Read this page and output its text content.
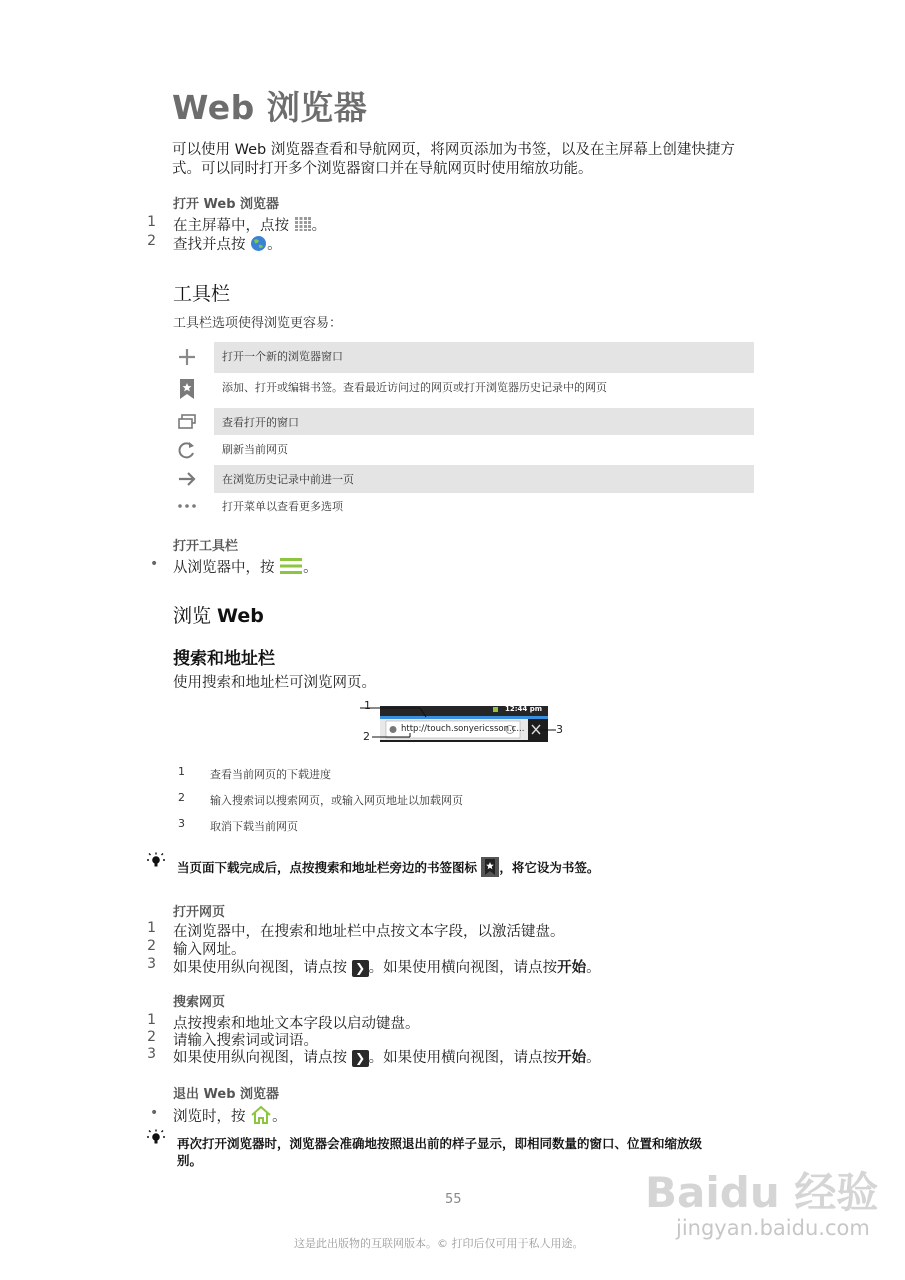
Web 浏览器
可以使用 Web 浏览器查看和导航网页，将网页添加为书签，以及在主屏幕上创建快捷方式。可以同时打开多个浏览器窗口并在导航网页时使用缩放功能。
打开 Web 浏览器
1 在主屏幕中，点按 。
2 查找并点按 。
工具栏
工具栏选项使得浏览更容易：
打开一个新的浏览器窗口
添加、打开或编辑书签。查看最近访问过的网页或打开浏览器历史记录中的网页
查看打开的窗口
刷新当前网页
在浏览历史记录中前进一页
打开菜单以查看更多选项
打开工具栏
• 从浏览器中，按 。
浏览 Web
搜索和地址栏
使用搜索和地址栏可浏览网页。
12:44 pm
http://touch.sonyericsson.c...
1
2
3
1 查看当前网页的下载进度
2 输入搜索词以搜索网页，或输入网页地址以加载网页
3 取消下载当前网页
当页面下载完成后，点按搜索和地址栏旁边的书签图标 ，将它设为书签。
打开网页
1 在浏览器中，在搜索和地址栏中点按文本字段，以激活键盘。
2 输入网址。
3 如果使用纵向视图，请点按 ❯ 。如果使用横向视图，请点按开始。
搜索网页
1 点按搜索和地址文本字段以启动键盘。
2 请输入搜索词或词语。
3 如果使用纵向视图，请点按 ❯ 。如果使用横向视图，请点按开始。
退出 Web 浏览器
• 浏览时，按 。
再次打开浏览器时，浏览器会准确地按照退出前的样子显示，即相同数量的窗口、位置和缩放级
别。
55
这是此出版物的互联网版本。© 打印后仅可用于私人用途。
Baidu 经验
jingyan.baidu.com
